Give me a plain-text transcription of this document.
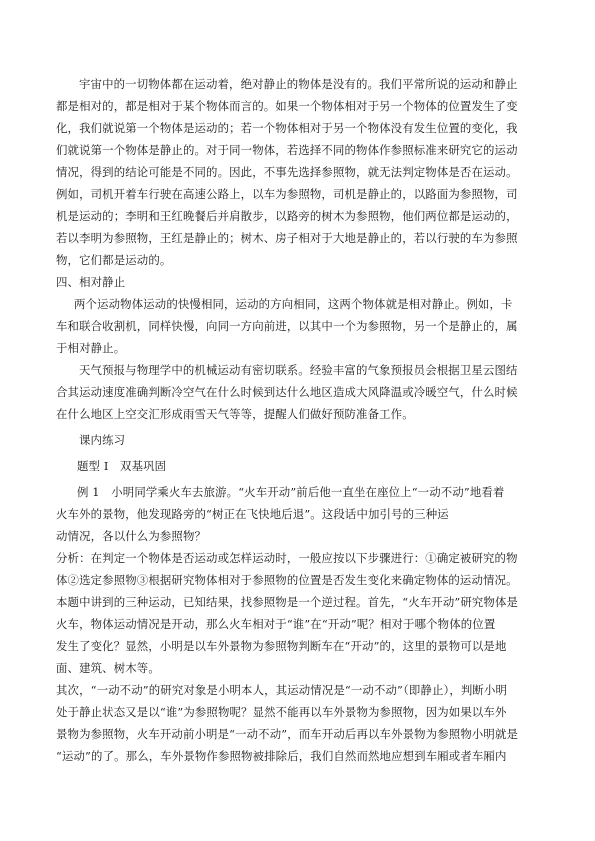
宇宙中的一切物体都在运动着，绝对静止的物体是没有的。我们平常所说的运动和静止
都是相对的，都是相对于某个物体而言的。如果一个物体相对于另一个物体的位置发生了变
化，我们就说第一个物体是运动的；若一个物体相对于另一个物体没有发生位置的变化，我
们就说第一个物体是静止的。对于同一物体，若选择不同的物体作参照标准来研究它的运动
情况，得到的结论可能是不同的。因此，不事先选择参照物，就无法判定物体是否在运动。
例如，司机开着车行驶在高速公路上，以车为参照物，司机是静止的，以路面为参照物，司
机是运动的；李明和王红晚餐后并肩散步，以路旁的树木为参照物，他们两位都是运动的，
若以李明为参照物，王红是静止的；树木、房子相对于大地是静止的，若以行驶的车为参照
物，它们都是运动的。
四、相对静止
两个运动物体运动的快慢相同，运动的方向相同，这两个物体就是相对静止。例如，卡
车和联合收割机，同样快慢，向同一方向前进，以其中一个为参照物，另一个是静止的，属
于相对静止。
天气预报与物理学中的机械运动有密切联系。经验丰富的气象预报员会根据卫星云图结
合其运动速度准确判断冷空气在什么时候到达什么地区造成大风降温或冷暖空气，什么时候
在什么地区上空交汇形成雨雪天气等等，提醒人们做好预防准备工作。
课内练习
题型 I　双基巩固
例 1　小明同学乘火车去旅游。“火车开动”前后他一直坐在座位上“一动不动”地看着
火车外的景物，他发现路旁的“树正在飞快地后退”。这段话中加引号的三种运
动情况，各以什么为参照物？
分析：在判定一个物体是否运动或怎样运动时，一般应按以下步骤进行：①确定被研究的物
体②选定参照物③根据研究物体相对于参照物的位置是否发生变化来确定物体的运动情况。
本题中讲到的三种运动，已知结果，找参照物是一个逆过程。首先，“火车开动”研究物体是
火车，物体运动情况是开动，那么火车相对于“谁”在“开动”呢？相对于哪个物体的位置
发生了变化？显然，小明是以车外景物为参照物判断车在“开动”的，这里的景物可以是地
面、建筑、树木等。
其次，“一动不动”的研究对象是小明本人，其运动情况是“一动不动”（即静止），判断小明
处于静止状态又是以“谁”为参照物呢？显然不能再以车外景物为参照物，因为如果以车外
景物为参照物，火车开动前小明是“一动不动”，而车开动后再以车外景物为参照物小明就是
“运动”的了。那么，车外景物作参照物被排除后，我们自然而然地应想到车厢或者车厢内
